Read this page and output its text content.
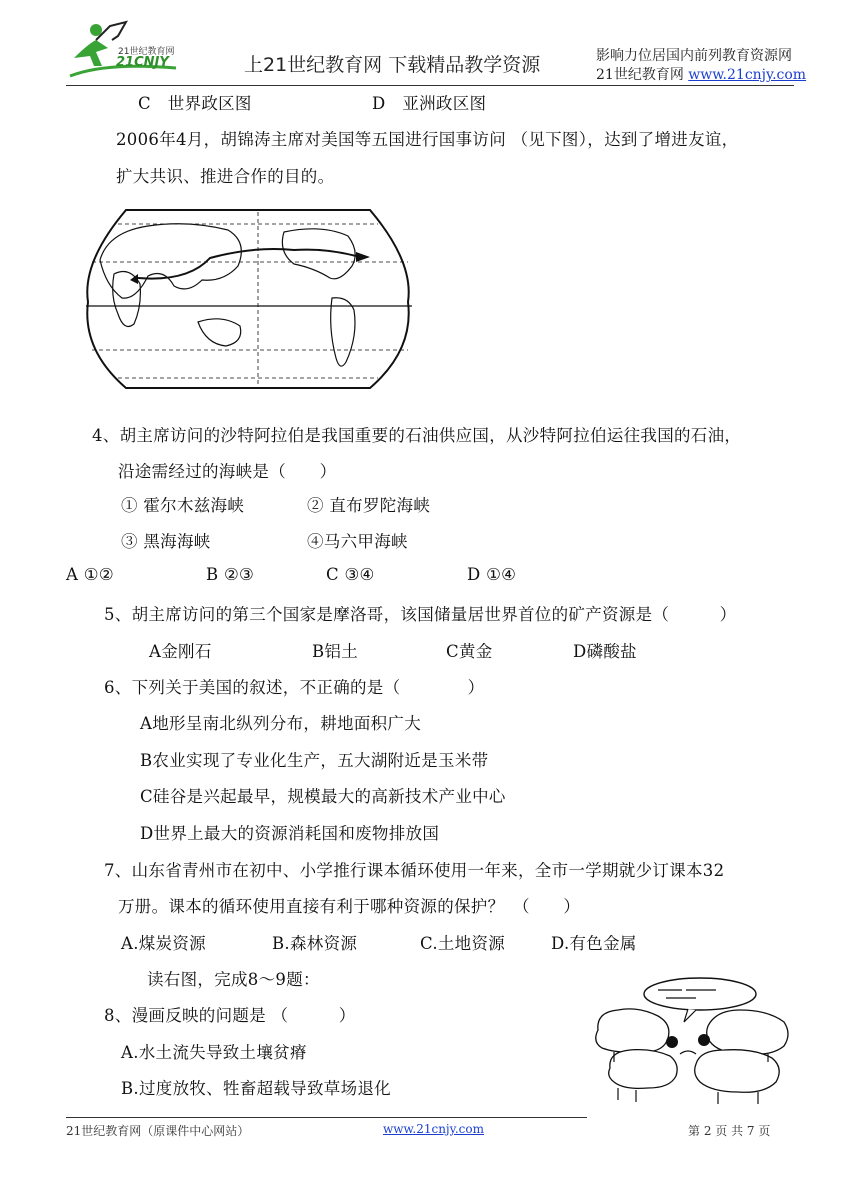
21世纪教育网
21CNJY	上21世纪教育网 下载精品教学资源	影响力位居国内前列教育资源网
21世纪教育网 www.21cnjy.com
C　世界政区图	D　亚洲政区图
2006年4月，胡锦涛主席对美国等五国进行国事访问 （见下图），达到了增进友谊，
扩大共识、推进合作的目的。
4、胡主席访问的沙特阿拉伯是我国重要的石油供应国，从沙特阿拉伯运往我国的石油，
沿途需经过的海峡是（　　）
① 霍尔木兹海峡	② 直布罗陀海峡
③ 黑海海峡	④马六甲海峡
A ①②	B ②③	C ③④	D ①④
5、胡主席访问的第三个国家是摩洛哥，该国储量居世界首位的矿产资源是（　　　）
A金刚石	B铝土	C黄金	D磷酸盐
6、下列关于美国的叙述，不正确的是（　　　　）
A地形呈南北纵列分布，耕地面积广大
B农业实现了专业化生产，五大湖附近是玉米带
C硅谷是兴起最早，规模最大的高新技术产业中心
D世界上最大的资源消耗国和废物排放国
7、山东省青州市在初中、小学推行课本循环使用一年来，全市一学期就少订课本32
万册。课本的循环使用直接有利于哪种资源的保护？　（　　）
A.煤炭资源	B.森林资源	C.土地资源	D.有色金属
读右图，完成8～9题：
8、漫画反映的问题是 （　　　）
A.水土流失导致土壤贫瘠
B.过度放牧、牲畜超载导致草场退化
21世纪教育网（原课件中心网站）	www.21cnjy.com	第 2 页 共 7 页
